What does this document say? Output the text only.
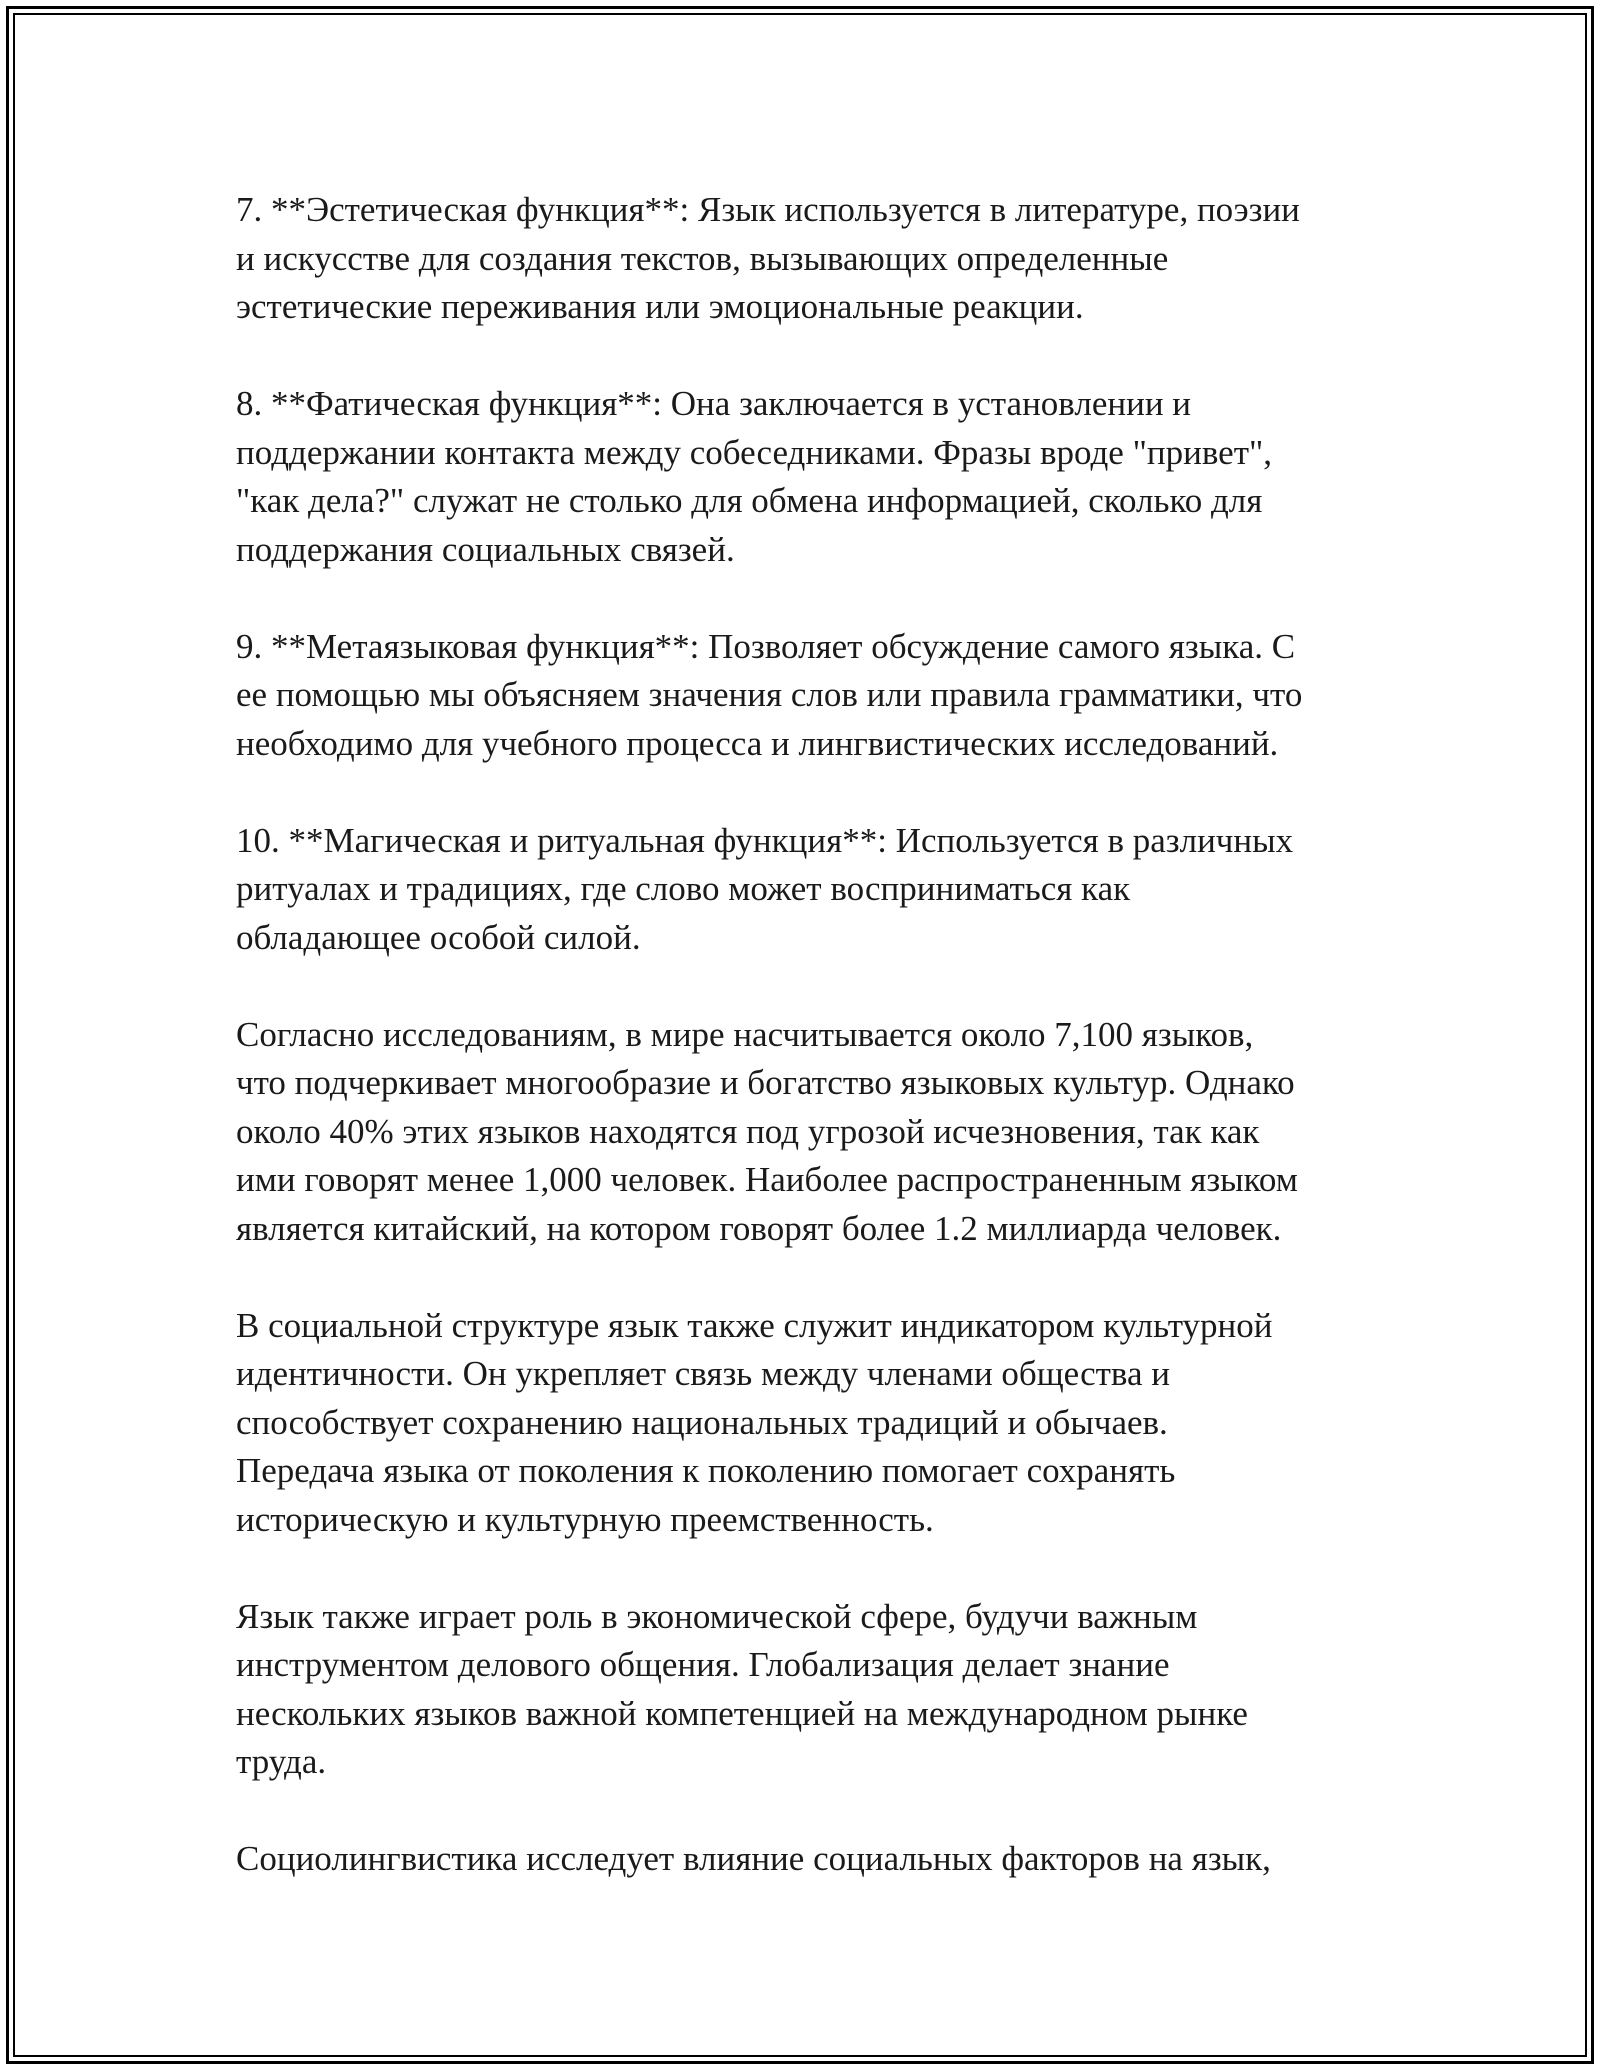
7. **Эстетическая функция**: Язык используется в литературе, поэзии
и искусстве для создания текстов, вызывающих определенные
эстетические переживания или эмоциональные реакции.

8. **Фатическая функция**: Она заключается в установлении и
поддержании контакта между собеседниками. Фразы вроде "привет",
"как дела?" служат не столько для обмена информацией, сколько для
поддержания социальных связей.

9. **Метаязыковая функция**: Позволяет обсуждение самого языка. С
ее помощью мы объясняем значения слов или правила грамматики, что
необходимо для учебного процесса и лингвистических исследований.

10. **Магическая и ритуальная функция**: Используется в различных
ритуалах и традициях, где слово может восприниматься как
обладающее особой силой.

Согласно исследованиям, в мире насчитывается около 7,100 языков,
что подчеркивает многообразие и богатство языковых культур. Однако
около 40% этих языков находятся под угрозой исчезновения, так как
ими говорят менее 1,000 человек. Наиболее распространенным языком
является китайский, на котором говорят более 1.2 миллиарда человек.

В социальной структуре язык также служит индикатором культурной
идентичности. Он укрепляет связь между членами общества и
способствует сохранению национальных традиций и обычаев.
Передача языка от поколения к поколению помогает сохранять
историческую и культурную преемственность.

Язык также играет роль в экономической сфере, будучи важным
инструментом делового общения. Глобализация делает знание
нескольких языков важной компетенцией на международном рынке
труда.

Социолингвистика исследует влияние социальных факторов на язык,
